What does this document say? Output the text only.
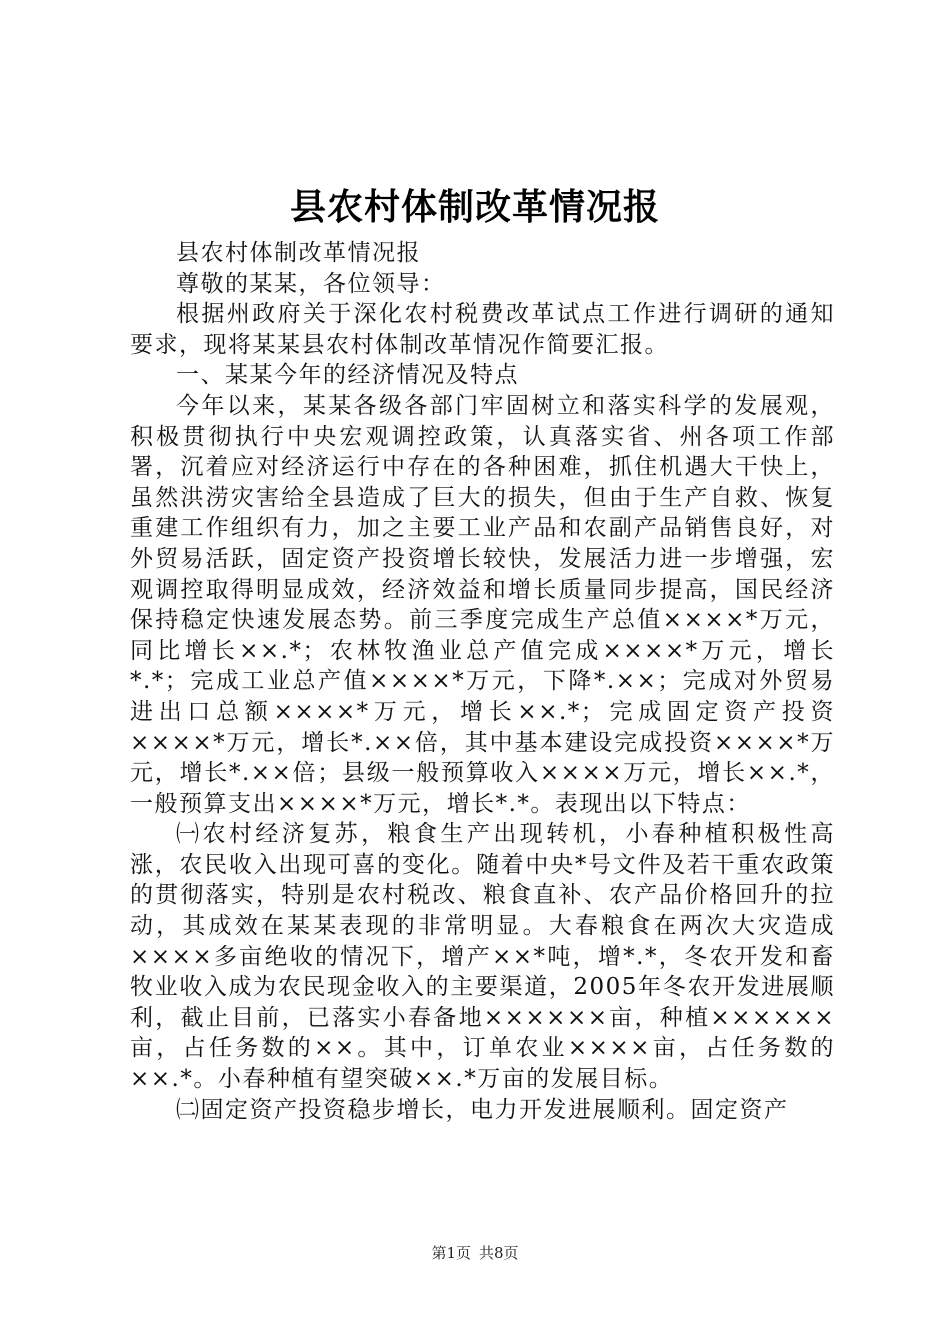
县农村体制改革情况报

县农村体制改革情况报

尊敬的某某，各位领导：

根据州政府关于深化农村税费改革试点工作进行调研的通知要求，现将某某县农村体制改革情况作简要汇报。

一、某某今年的经济情况及特点

今年以来，某某各级各部门牢固树立和落实科学的发展观，积极贯彻执行中央宏观调控政策，认真落实省、州各项工作部署，沉着应对经济运行中存在的各种困难，抓住机遇大干快上，虽然洪涝灾害给全县造成了巨大的损失，但由于生产自救、恢复重建工作组织有力，加之主要工业产品和农副产品销售良好，对外贸易活跃，固定资产投资增长较快，发展活力进一步增强，宏观调控取得明显成效，经济效益和增长质量同步提高，国民经济保持稳定快速发展态势。前三季度完成生产总值××××*万元，同比增长××.*；农林牧渔业总产值完成××××*万元，增长*.*；完成工业总产值××××*万元，下降*.××；完成对外贸易进出口总额××××*万元，增长××.*；完成固定资产投资××××*万元，增长*.××倍，其中基本建设完成投资××××*万元，增长*.××倍；县级一般预算收入××××万元，增长××.*，一般预算支出××××*万元，增长*.*。表现出以下特点：

㈠农村经济复苏，粮食生产出现转机，小春种植积极性高涨，农民收入出现可喜的变化。随着中央*号文件及若干重农政策的贯彻落实，特别是农村税改、粮食直补、农产品价格回升的拉动，其成效在某某表现的非常明显。大春粮食在两次大灾造成××××多亩绝收的情况下，增产××*吨，增*.*，冬农开发和畜牧业收入成为农民现金收入的主要渠道，2005年冬农开发进展顺利，截止目前，已落实小春备地××××××亩，种植××××××亩，占任务数的××。其中，订单农业××××亩，占任务数的××.*。小春种植有望突破××.*万亩的发展目标。

㈡固定资产投资稳步增长，电力开发进展顺利。固定资产

第1页 共8页
